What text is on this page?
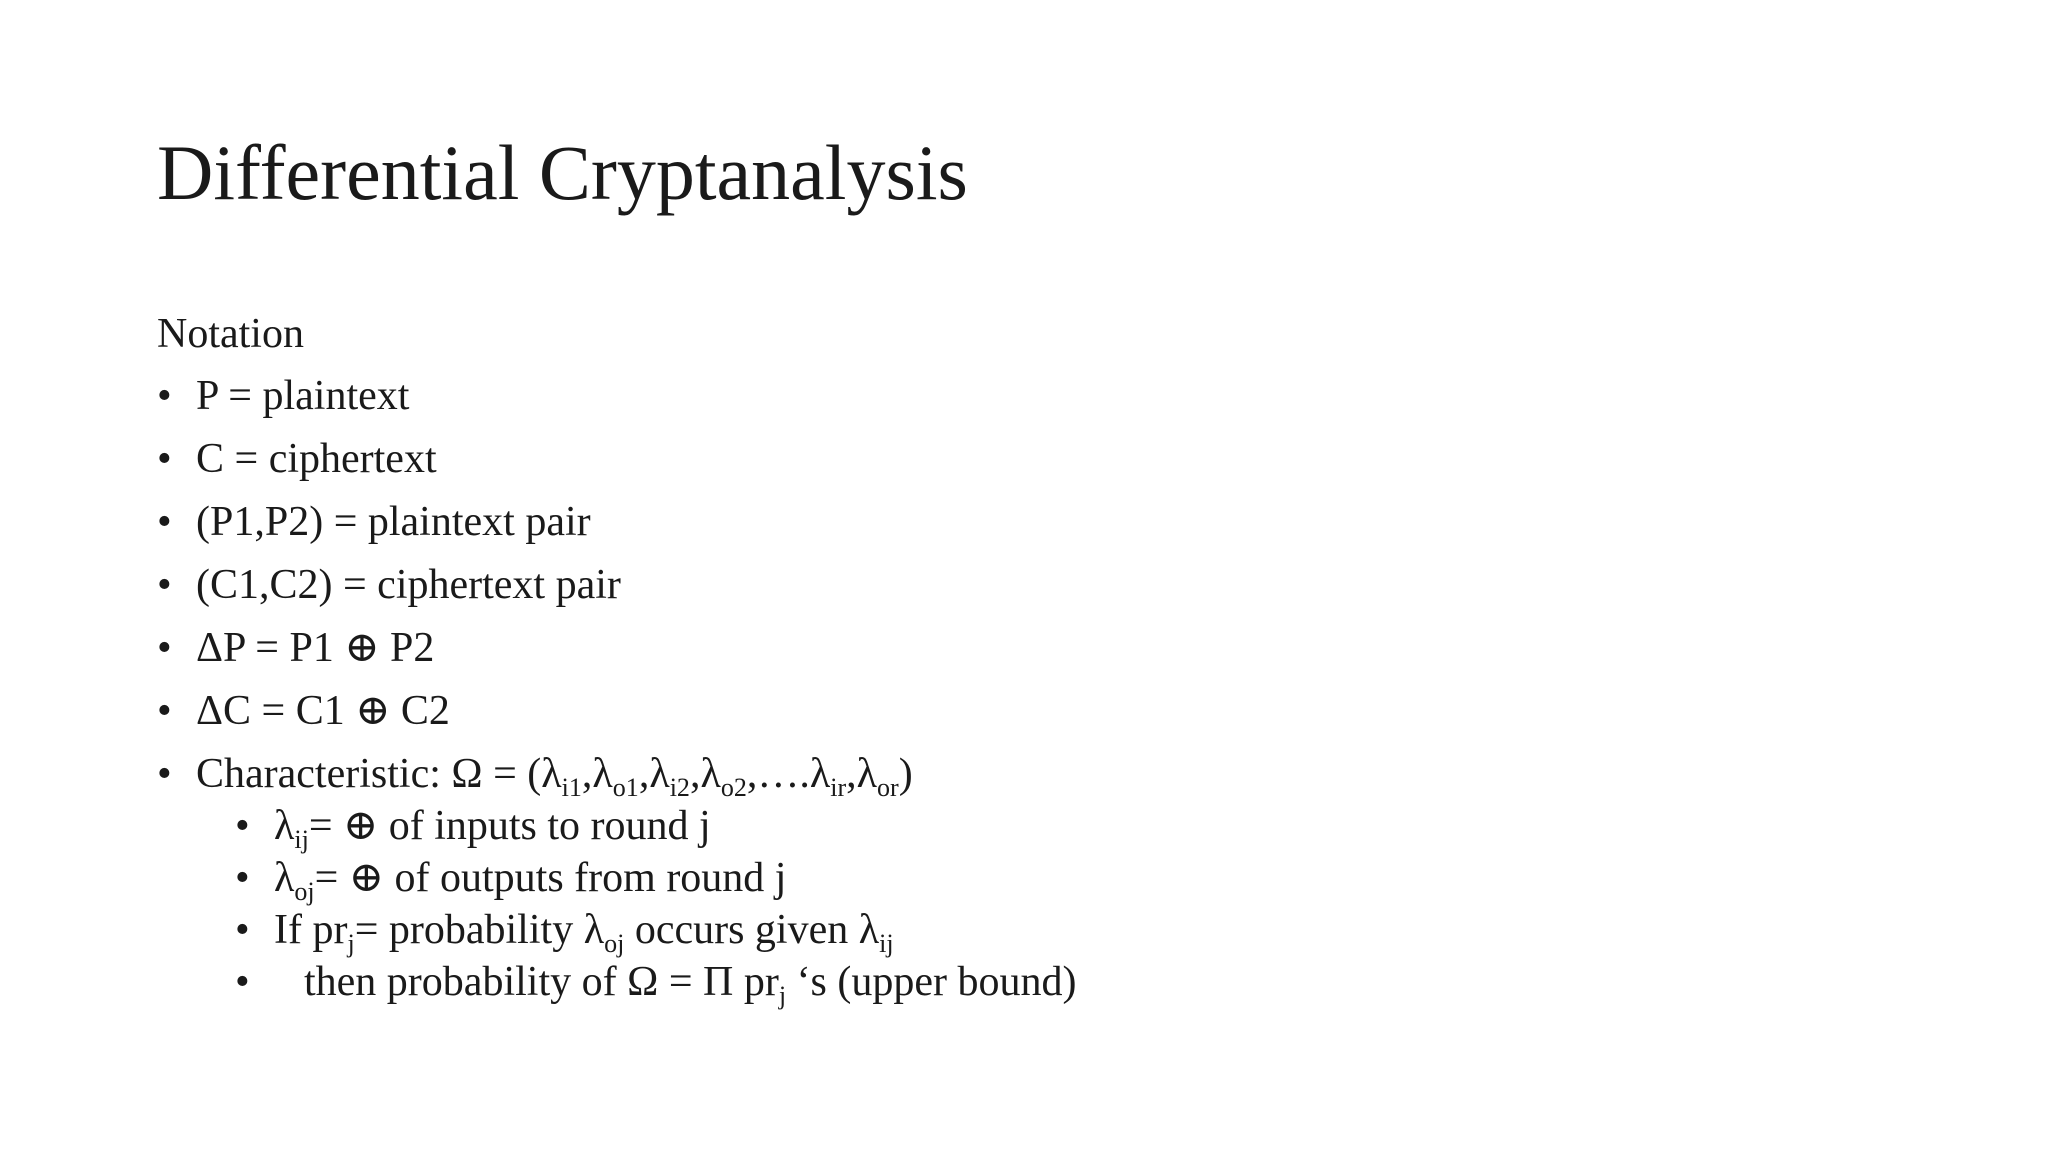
Differential Cryptanalysis
Notation
• P = plaintext
• C = ciphertext
• (P1,P2) = plaintext pair
• (C1,C2) = ciphertext pair
• ΔP = P1 ⊕ P2
• ΔC = C1 ⊕ C2
• Characteristic: $\Omega = (\lambda_{i1},\lambda_{o1},\lambda_{i2},\lambda_{o2},\dots.\lambda_{ir},\lambda_{or})$
• $\lambda_{ij}=$ ⊕ of inputs to round j
• $\lambda_{oj}=$ ⊕ of outputs from round j
• If $pr_j=$ probability $\lambda_{oj}$ occurs given $\lambda_{ij}$
• then probability of Ω = Π $pr_j$ ‘s (upper bound)
